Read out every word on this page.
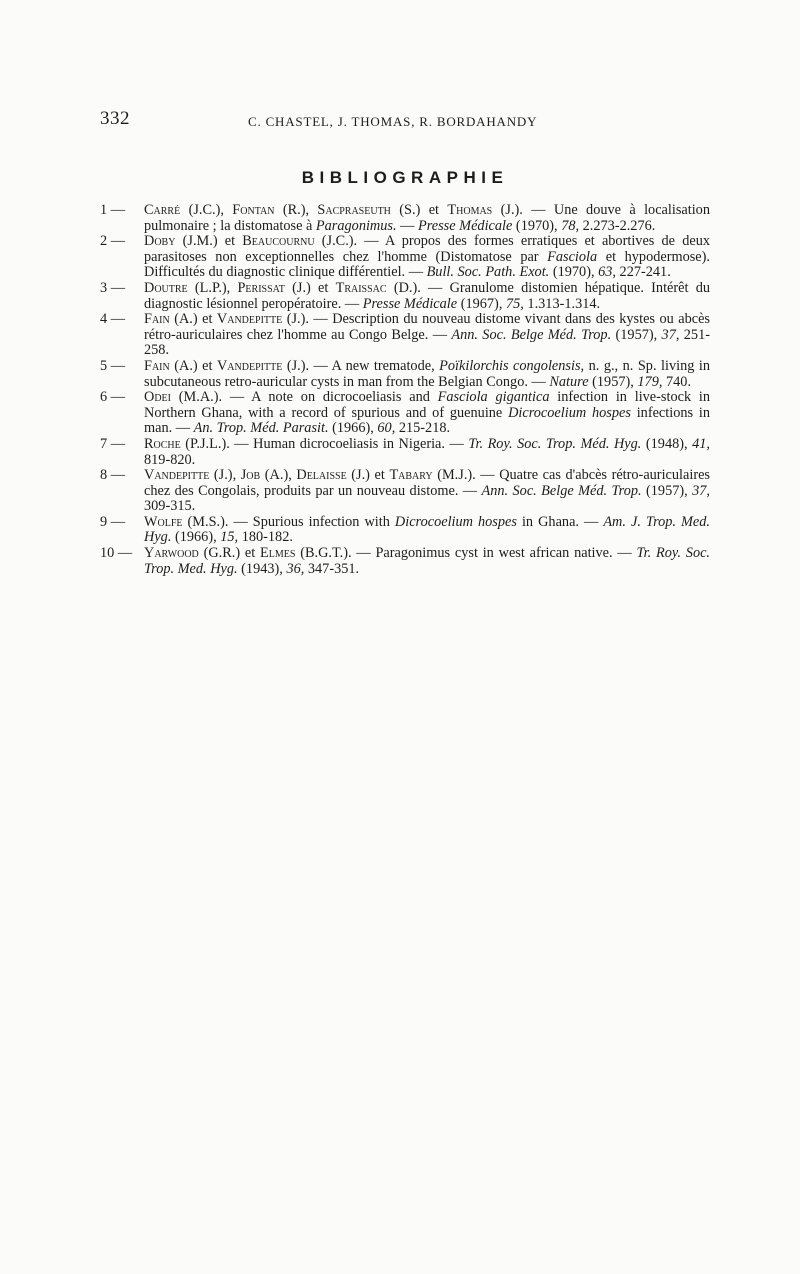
332	C. CHASTEL, J. THOMAS, R. BORDAHANDY
BIBLIOGRAPHIE
1 —	Carré (J.C.), Fontan (R.), Sacpraseuth (S.) et Thomas (J.). — Une douve à localisation pulmonaire ; la distomatose à Paragonimus. — Presse Médicale (1970), 78, 2.273-2.276.
2 —	Doby (J.M.) et Beaucournu (J.C.). — A propos des formes erratiques et abortives de deux parasitoses non exceptionnelles chez l'homme (Distomatose par Fasciola et hypodermose). Difficultés du diagnostic clinique différentiel. — Bull. Soc. Path. Exot. (1970), 63, 227-241.
3 —	Doutre (L.P.), Perissat (J.) et Traissac (D.). — Granulome distomien hépatique. Intérêt du diagnostic lésionnel peropératoire. — Presse Médicale (1967), 75, 1.313-1.314.
4 —	Fain (A.) et Vandepitte (J.). — Description du nouveau distome vivant dans des kystes ou abcès rétro-auriculaires chez l'homme au Congo Belge. — Ann. Soc. Belge Méd. Trop. (1957), 37, 251-258.
5 —	Fain (A.) et Vandepitte (J.). — A new trematode, Poïkilorchis congolensis, n. g., n. Sp. living in subcutaneous retro-auricular cysts in man from the Belgian Congo. — Nature (1957), 179, 740.
6 —	Odei (M.A.). — A note on dicrocoeliasis and Fasciola gigantica infection in live-stock in Northern Ghana, with a record of spurious and of guenuine Dicrocoelium hospes infections in man. — An. Trop. Méd. Parasit. (1966), 60, 215-218.
7 —	Roche (P.J.L.). — Human dicrocoeliasis in Nigeria. — Tr. Roy. Soc. Trop. Méd. Hyg. (1948), 41, 819-820.
8 —	Vandepitte (J.), Job (A.), Delaisse (J.) et Tabary (M.J.). — Quatre cas d'abcès rétro-auriculaires chez des Congolais, produits par un nouveau distome. — Ann. Soc. Belge Méd. Trop. (1957), 37, 309-315.
9 —	Wolfe (M.S.). — Spurious infection with Dicrocoelium hospes in Ghana. — Am. J. Trop. Med. Hyg. (1966), 15, 180-182.
10 — Yarwood (G.R.) et Elmes (B.G.T.). — Paragonimus cyst in west african native. — Tr. Roy. Soc. Trop. Med. Hyg. (1943), 36, 347-351.
